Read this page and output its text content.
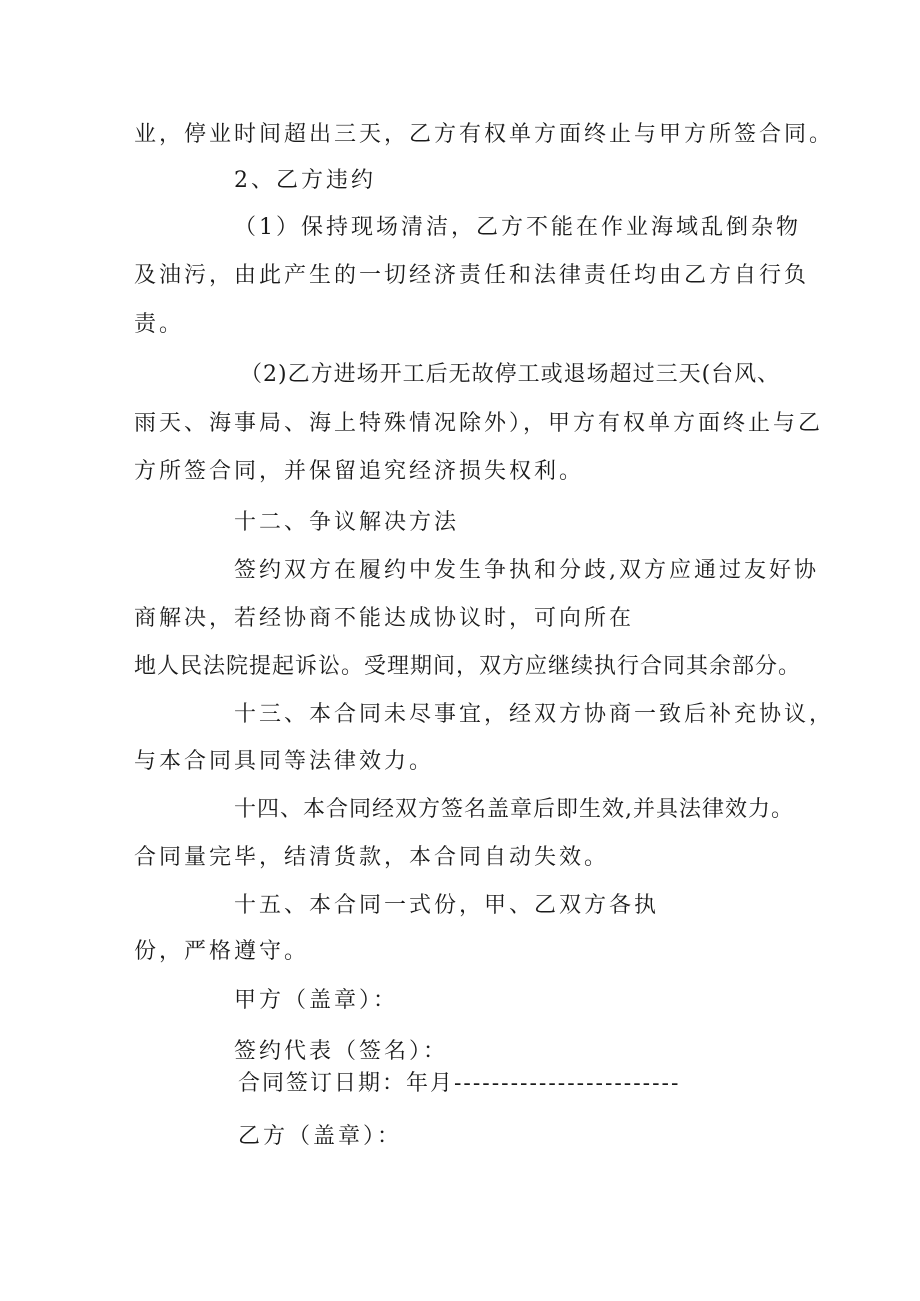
业，停业时间超出三天，乙方有权单方面终止与甲方所签合同。
2、乙方违约
（1）保持现场清洁，乙方不能在作业海域乱倒杂物
及油污，由此产生的一切经济责任和法律责任均由乙方自行负
责。
（2)乙方进场开工后无故停工或退场超过三天(台风、
雨天、海事局、海上特殊情况除外），甲方有权单方面终止与乙
方所签合同，并保留追究经济损失权利。
十二、争议解决方法
签约双方在履约中发生争执和分歧,双方应通过友好协
商解决，若经协商不能达成协议时，可向所在
地人民法院提起诉讼。受理期间，双方应继续执行合同其余部分。
十三、本合同未尽事宜，经双方协商一致后补充协议，
与本合同具同等法律效力。
十四、本合同经双方签名盖章后即生效,并具法律效力。
合同量完毕，结清货款，本合同自动失效。
十五、本合同一式份，甲、乙双方各执
份，严格遵守。
甲方（盖章）：
签约代表（签名）：
合同签订日期：年月------------------------
乙方（盖章）：
